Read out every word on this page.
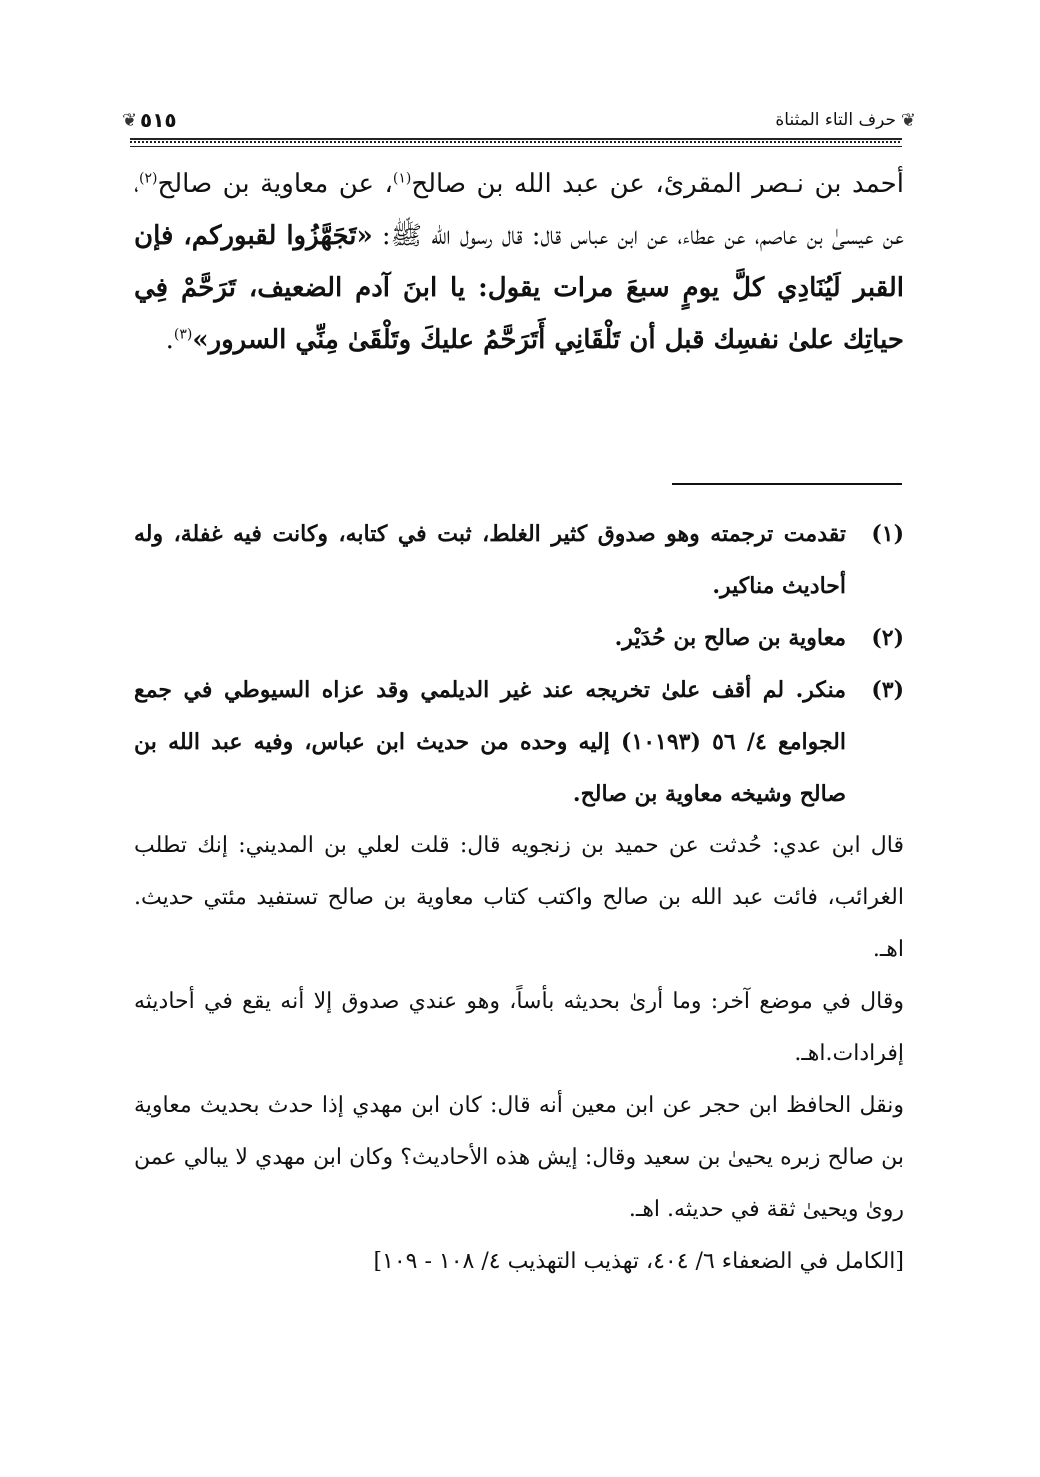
❦ ٥١٥	حرف التاء المثناة ❦

أحمد بن نـصر المقرئ، عن عبد الله بن صالح$^{(١)}$، عن معاوية بن صالح$^{(٢)}$، عن عيسىٰ بن عاصم، عن عطاء، عن ابن عباس قال: قال رسول الله ﷺ: «تَجَهَّزُوا لقبوركم، فإن القبر لَيُنَادِي كلَّ يومٍ سبعَ مرات يقول: يا ابنَ آدم الضعيف، تَرَحَّمْ فِي حياتِك علىٰ نفسِك قبل أن تَلْقَانِي أَتَرَحَّمُ عليكَ وتَلْقَىٰ مِنِّي السرور»$^{(٣)}$.

(١)
تقدمت ترجمته وهو صدوق كثير الغلط، ثبت في كتابه، وكانت فيه غفلة، وله أحاديث مناكير.
(٢)
معاوية بن صالح بن حُدَيْر.
(٣)
منكر. لم أقف علىٰ تخريجه عند غير الديلمي وقد عزاه السيوطي في جمع الجوامع ٤/ ٥٦ (١٠١٩٣) إليه وحده من حديث ابن عباس، وفيه عبد الله بن صالح وشيخه معاوية بن صالح.
قال ابن عدي: حُدثت عن حميد بن زنجويه قال: قلت لعلي بن المديني: إنك تطلب الغرائب، فائت عبد الله بن صالح واكتب كتاب معاوية بن صالح تستفيد مئتي حديث. اهـ.
وقال في موضع آخر: وما أرىٰ بحديثه بأساً، وهو عندي صدوق إلا أنه يقع في أحاديثه إفرادات.اهـ.
ونقل الحافظ ابن حجر عن ابن معين أنه قال: كان ابن مهدي إذا حدث بحديث معاوية بن صالح زبره يحيىٰ بن سعيد وقال: إيش هذه الأحاديث؟ وكان ابن مهدي لا يبالي عمن روىٰ ويحيىٰ ثقة في حديثه. اهـ.
[الكامل في الضعفاء ٦/ ٤٠٤، تهذيب التهذيب ٤/ ١٠٨ - ١٠٩]
